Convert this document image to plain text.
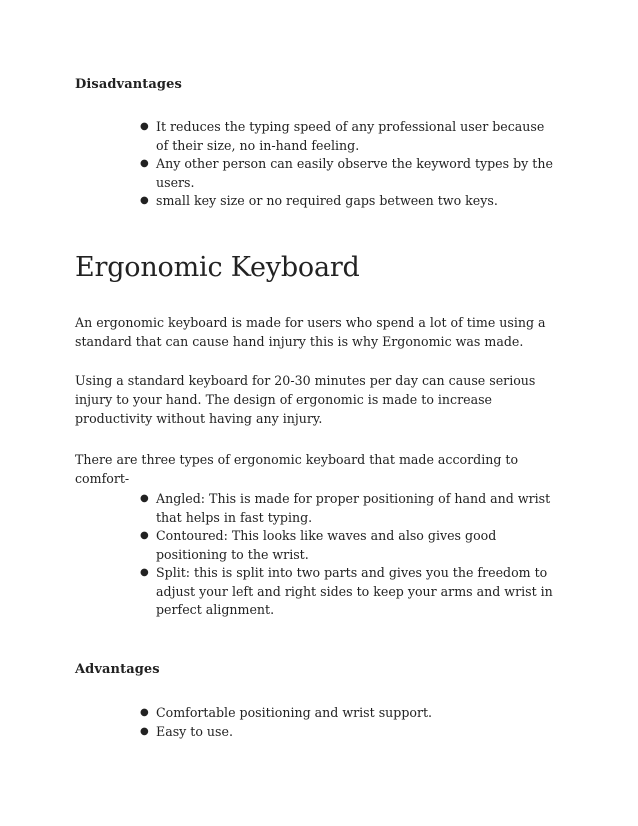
Disadvantages

● It reduces the typing speed of any professional user because of their size, no in-hand feeling.
● Any other person can easily observe the keyword types by the users.
● small key size or no required gaps between two keys.
Ergonomic Keyboard

An ergonomic keyboard is made for users who spend a lot of time using a standard that can cause hand injury this is why Ergonomic was made.

Using a standard keyboard for 20-30 minutes per day can cause serious injury to your hand. The design of ergonomic is made to increase productivity without having any injury.

There are three types of ergonomic keyboard that made according to comfort-

● Angled: This is made for proper positioning of hand and wrist that helps in fast typing.
● Contoured: This looks like waves and also gives good positioning to the wrist.
● Split: this is split into two parts and gives you the freedom to adjust your left and right sides to keep your arms and wrist in perfect alignment.

Advantages

● Comfortable positioning and wrist support.
● Easy to use.
